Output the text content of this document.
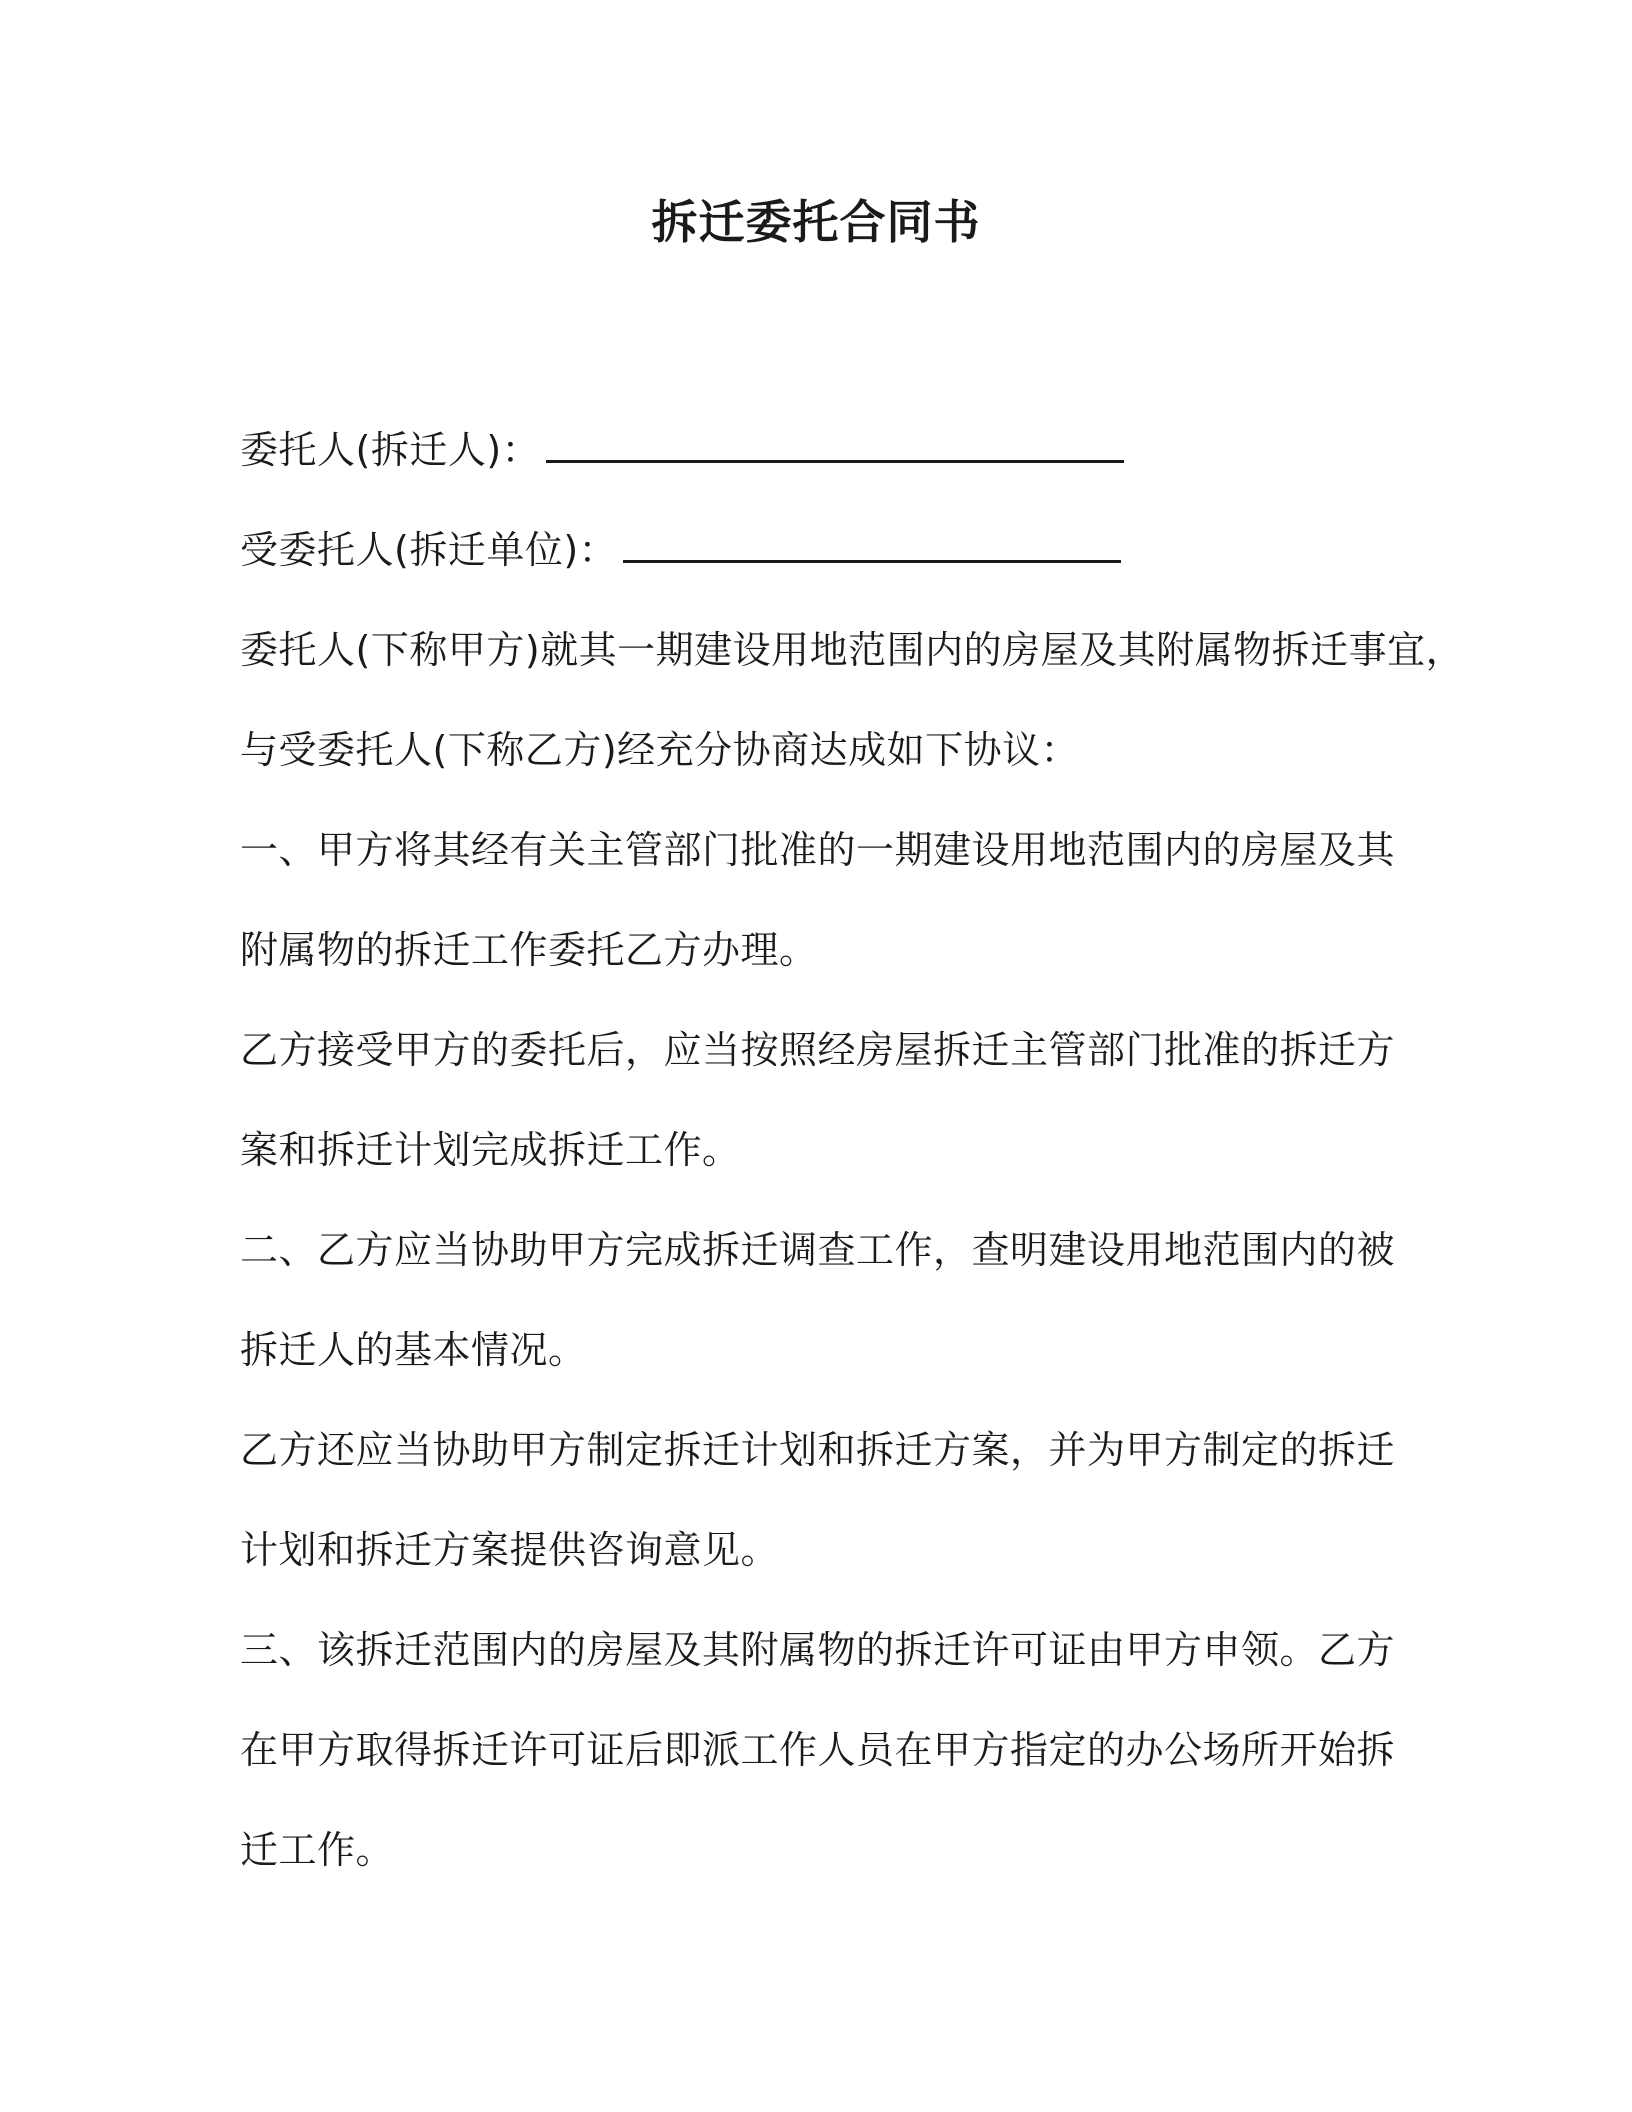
拆迁委托合同书
委托人(拆迁人)：
受委托人(拆迁单位)：
委托人(下称甲方)就其一期建设用地范围内的房屋及其附属物拆迁事宜，
与受委托人(下称乙方)经充分协商达成如下协议：
一、甲方将其经有关主管部门批准的一期建设用地范围内的房屋及其
附属物的拆迁工作委托乙方办理。
乙方接受甲方的委托后，应当按照经房屋拆迁主管部门批准的拆迁方
案和拆迁计划完成拆迁工作。
二、乙方应当协助甲方完成拆迁调查工作，查明建设用地范围内的被
拆迁人的基本情况。
乙方还应当协助甲方制定拆迁计划和拆迁方案，并为甲方制定的拆迁
计划和拆迁方案提供咨询意见。
三、该拆迁范围内的房屋及其附属物的拆迁许可证由甲方申领。乙方
在甲方取得拆迁许可证后即派工作人员在甲方指定的办公场所开始拆
迁工作。
